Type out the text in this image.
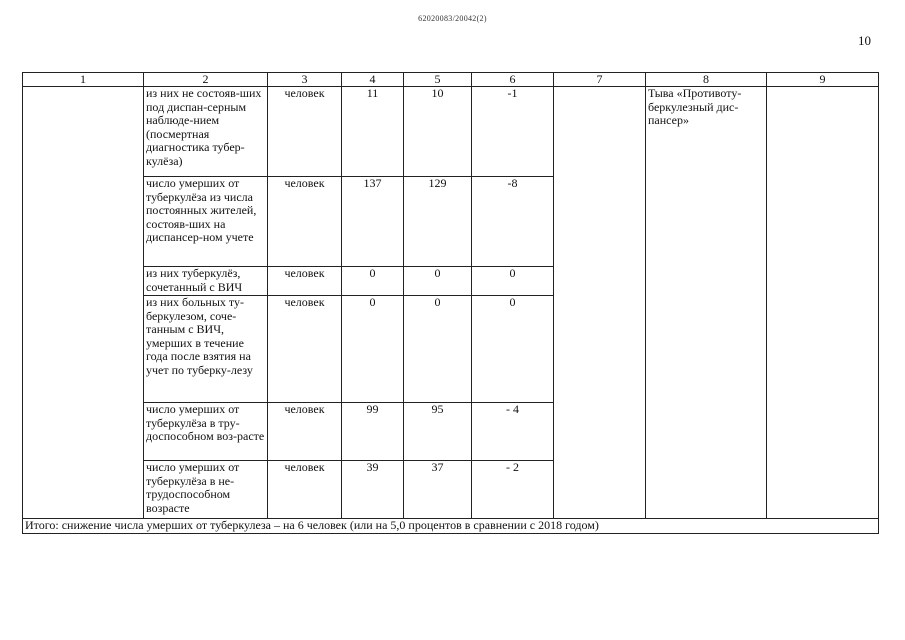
62020083/20042(2)
10
1	2	3	4	5	6	7	8	9
	из них не состояв-ших под диспан-серным наблюде-нием (посмертная диагностика тубер-кулёза)	человек	11	10	-1		Тыва «Противоту-беркулезный дис-пансер»	
	число умерших от туберкулёза из числа постоянных жителей, состояв-ших на диспансер-ном учете	человек	137	129	-8			
	из них туберкулёз, сочетанный с ВИЧ	человек	0	0	0			
	из них больных ту-беркулезом, соче-танным с ВИЧ, умерших в течение года после взятия на учет по туберку-лезу	человек	0	0	0			
	число умерших от туберкулёза в тру-доспособном воз-расте	человек	99	95	- 4			
	число умерших от туберкулёза в не-трудоспособном возрасте	человек	39	37	- 2			
Итого: снижение числа умерших от туберкулеза – на 6 человек (или на 5,0 процентов в сравнении с 2018 годом)								
